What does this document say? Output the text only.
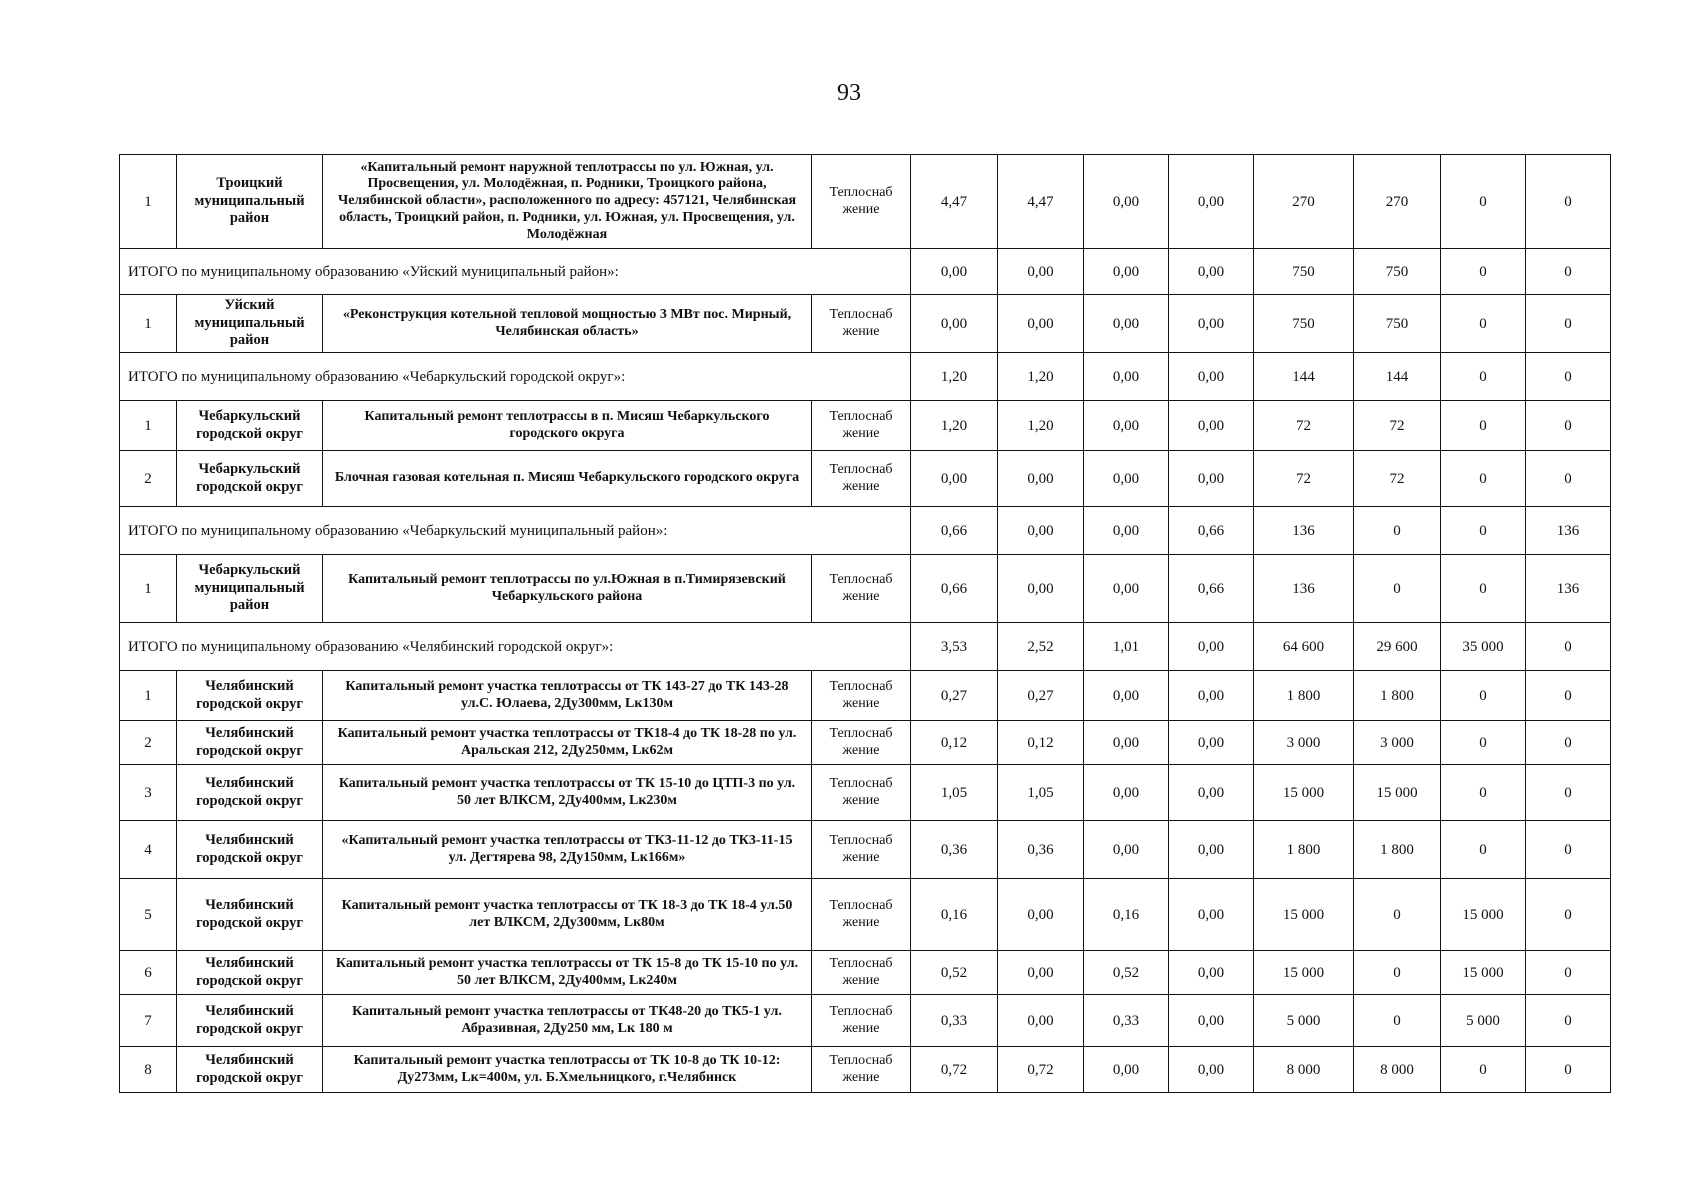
93
1	Троицкий муниципальный район	«Капитальный ремонт наружной теплотрассы по ул. Южная, ул. Просвещения, ул. Молодёжная, п. Родники, Троицкого района, Челябинской области», расположенного по адресу: 457121, Челябинская область, Троицкий район, п. Родники, ул. Южная, ул. Просвещения, ул. Молодёжная	Теплоснаб жение	4,47	4,47	0,00	0,00	270	270	0	0
ИТОГО по муниципальному образованию «Уйский муниципальный район»:				0,00	0,00	0,00	0,00	750	750	0	0
1	Уйский муниципальный район	«Реконструкция котельной тепловой мощностью 3 МВт пос. Мирный, Челябинская область»	Теплоснаб жение	0,00	0,00	0,00	0,00	750	750	0	0
ИТОГО по муниципальному образованию «Чебаркульский городской округ»:				1,20	1,20	0,00	0,00	144	144	0	0
1	Чебаркульский городской округ	Капитальный ремонт теплотрассы в п. Мисяш Чебаркульского городского округа	Теплоснаб жение	1,20	1,20	0,00	0,00	72	72	0	0
2	Чебаркульский городской округ	Блочная газовая котельная п. Мисяш Чебаркульского городского округа	Теплоснаб жение	0,00	0,00	0,00	0,00	72	72	0	0
ИТОГО по муниципальному образованию «Чебаркульский муниципальный район»:				0,66	0,00	0,00	0,66	136	0	0	136
1	Чебаркульский муниципальный район	Капитальный ремонт теплотрассы по ул.Южная в п.Тимирязевский Чебаркульского района	Теплоснаб жение	0,66	0,00	0,00	0,66	136	0	0	136
ИТОГО по муниципальному образованию «Челябинский городской округ»:				3,53	2,52	1,01	0,00	64 600	29 600	35 000	0
1	Челябинский городской округ	Капитальный ремонт участка теплотрассы от ТК 143-27 до ТК 143-28 ул.С. Юлаева, 2Ду300мм, Lк130м	Теплоснаб жение	0,27	0,27	0,00	0,00	1 800	1 800	0	0
2	Челябинский городской округ	Капитальный ремонт участка теплотрассы от ТК18-4 до ТК 18-28 по ул. Аральская 212, 2Ду250мм, Lк62м	Теплоснаб жение	0,12	0,12	0,00	0,00	3 000	3 000	0	0
3	Челябинский городской округ	Капитальный ремонт участка теплотрассы от ТК 15-10 до ЦТП-3 по ул. 50 лет ВЛКСМ, 2Ду400мм, Lк230м	Теплоснаб жение	1,05	1,05	0,00	0,00	15 000	15 000	0	0
4	Челябинский городской округ	«Капитальный ремонт участка теплотрассы от ТК3-11-12 до ТК3-11-15 ул. Дегтярева 98, 2Ду150мм, Lк166м»	Теплоснаб жение	0,36	0,36	0,00	0,00	1 800	1 800	0	0
5	Челябинский городской округ	Капитальный ремонт участка теплотрассы от ТК 18-3 до ТК 18-4 ул.50 лет ВЛКСМ, 2Ду300мм, Lк80м	Теплоснаб жение	0,16	0,00	0,16	0,00	15 000	0	15 000	0
6	Челябинский городской округ	Капитальный ремонт участка теплотрассы от ТК 15-8 до ТК 15-10 по ул. 50 лет ВЛКСМ, 2Ду400мм, Lк240м	Теплоснаб жение	0,52	0,00	0,52	0,00	15 000	0	15 000	0
7	Челябинский городской округ	Капитальный ремонт участка теплотрассы от ТК48-20 до ТК5-1 ул. Абразивная, 2Ду250 мм, Lк 180 м	Теплоснаб жение	0,33	0,00	0,33	0,00	5 000	0	5 000	0
8	Челябинский городской округ	Капитальный ремонт участка теплотрассы от ТК 10-8 до ТК 10-12: Ду273мм, Lк=400м, ул. Б.Хмельницкого, г.Челябинск	Теплоснаб жение	0,72	0,72	0,00	0,00	8 000	8 000	0	0
